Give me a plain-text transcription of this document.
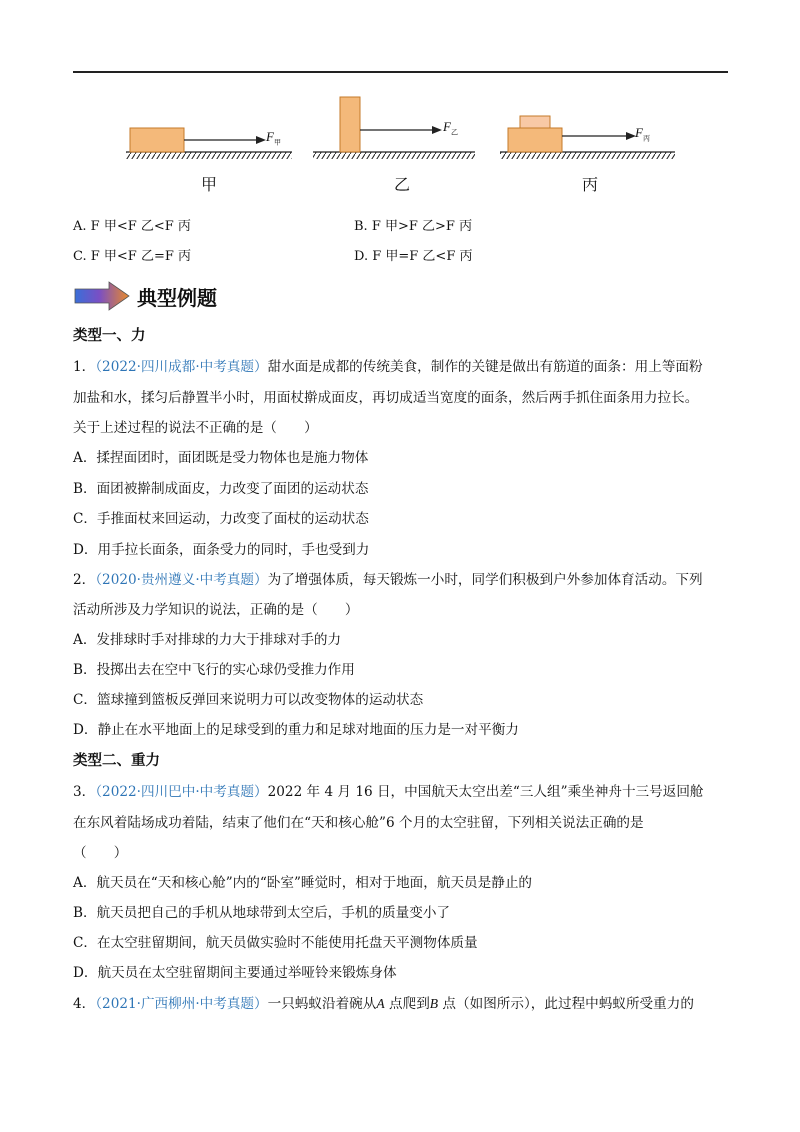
$F_甲$
$F_乙$	$F_丙$
甲	乙	丙
A. F 甲<F 乙<F 丙	B. F 甲>F 乙>F 丙
C. F 甲<F 乙=F 丙	D. F 甲=F 乙<F 丙
典型例题
类型一、力
1．（2022·四川成都·中考真题）甜水面是成都的传统美食，制作的关键是做出有筋道的面条：用上等面粉
加盐和水，揉匀后静置半小时，用面杖擀成面皮，再切成适当宽度的面条，然后两手抓住面条用力拉长。
关于上述过程的说法不正确的是（　　）
A．揉捏面团时，面团既是受力物体也是施力物体
B．面团被擀制成面皮，力改变了面团的运动状态
C．手推面杖来回运动，力改变了面杖的运动状态
D．用手拉长面条，面条受力的同时，手也受到力
2．（2020·贵州遵义·中考真题）为了增强体质，每天锻炼一小时，同学们积极到户外参加体育活动。下列
活动所涉及力学知识的说法，正确的是（　　）
A．发排球时手对排球的力大于排球对手的力
B．投掷出去在空中飞行的实心球仍受推力作用
C．篮球撞到篮板反弹回来说明力可以改变物体的运动状态
D．静止在水平地面上的足球受到的重力和足球对地面的压力是一对平衡力
类型二、重力
3．（2022·四川巴中·中考真题）2022 年 4 月 16 日，中国航天太空出差“三人组”乘坐神舟十三号返回舱
在东风着陆场成功着陆，结束了他们在“天和核心舱”6 个月的太空驻留，下列相关说法正确的是
（　　）
A．航天员在“天和核心舱”内的“卧室”睡觉时，相对于地面，航天员是静止的
B．航天员把自己的手机从地球带到太空后，手机的质量变小了
C．在太空驻留期间，航天员做实验时不能使用托盘天平测物体质量
D．航天员在太空驻留期间主要通过举哑铃来锻炼身体
4．（2021·广西柳州·中考真题）一只蚂蚁沿着碗从A 点爬到B 点（如图所示），此过程中蚂蚁所受重力的
